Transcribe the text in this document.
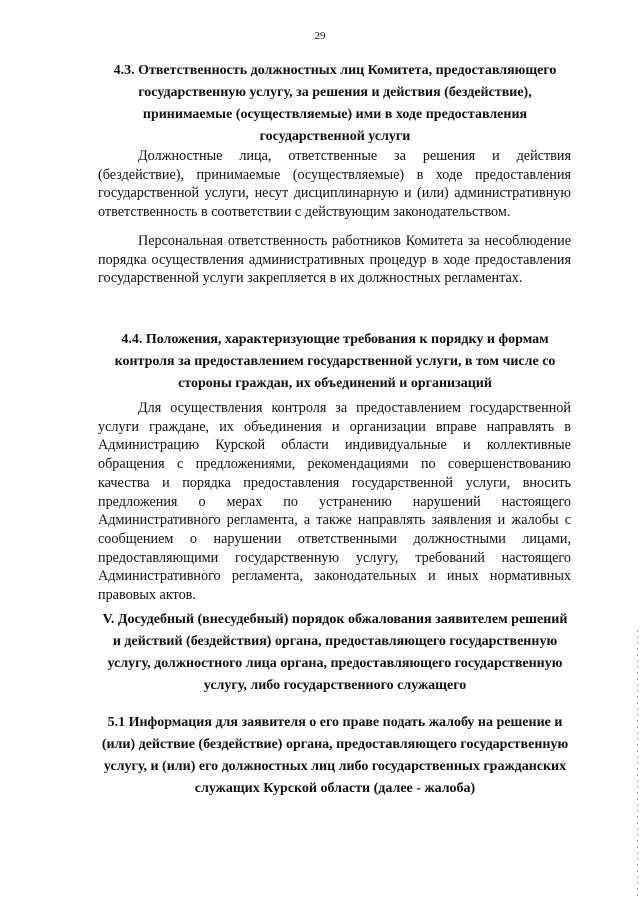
29

4.3. Ответственность должностных лиц Комитета, предоставляющего государственную услугу, за решения и действия (бездействие), принимаемые (осуществляемые) ими в ходе предоставления государственной услуги

Должностные лица, ответственные за решения и действия (бездействие), принимаемые (осуществляемые) в ходе предоставления государственной услуги, несут дисциплинарную и (или) административную ответственность в соответствии с действующим законодательством.

Персональная ответственность работников Комитета за несоблюдение порядка осуществления административных процедур в ходе предоставления государственной услуги закрепляется в их должностных регламентах.

4.4. Положения, характеризующие требования к порядку и формам контроля за предоставлением государственной услуги, в том числе со стороны граждан, их объединений и организаций

Для осуществления контроля за предоставлением государственной услуги граждане, их объединения и организации вправе направлять в Администрацию Курской области индивидуальные и коллективные обращения с предложениями, рекомендациями по совершенствованию качества и порядка предоставления государственной услуги, вносить предложения о мерах по устранению нарушений настоящего Административного регламента, а также направлять заявления и жалобы с сообщением о нарушении ответственными должностными лицами, предоставляющими государственную услугу, требований настоящего Административного регламента, законодательных и иных нормативных правовых актов.

V. Досудебный (внесудебный) порядок обжалования заявителем решений и действий (бездействия) органа, предоставляющего государственную услугу, должностного лица органа, предоставляющего государственную услугу, либо государственного служащего

5.1 Информация для заявителя о его праве подать жалобу на решение и (или) действие (бездействие) органа, предоставляющего государственную услугу, и (или) его должностных лиц либо государственных гражданских служащих Курской области (далее - жалоба)
